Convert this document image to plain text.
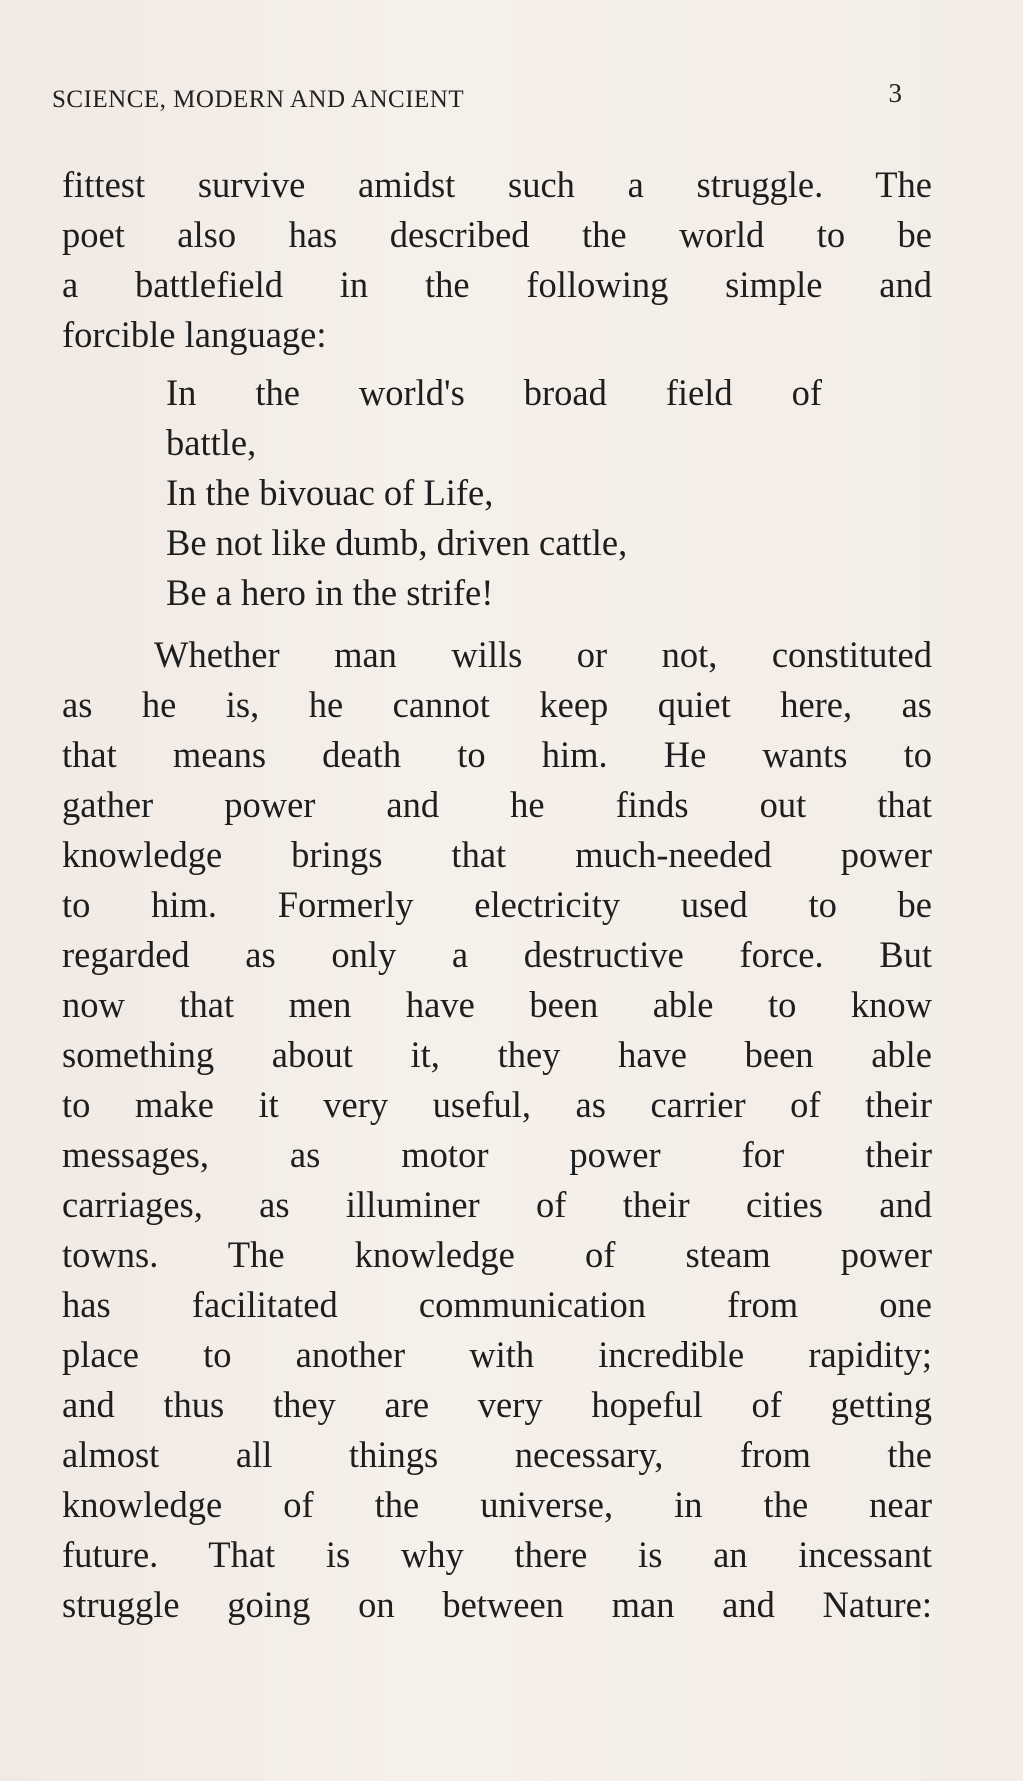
SCIENCE, MODERN AND ANCIENT	3
fittest survive amidst such a struggle. The
poet also has described the world to be
a battlefield in the following simple and
forcible language:
In the world's broad field of
battle,
In the bivouac of Life,
Be not like dumb, driven cattle,
Be a hero in the strife!
Whether man wills or not, constituted
as he is, he cannot keep quiet here, as
that means death to him. He wants to
gather power and he finds out that
knowledge brings that much-needed power
to him. Formerly electricity used to be
regarded as only a destructive force. But
now that men have been able to know
something about it, they have been able
to make it very useful, as carrier of their
messages, as motor power for their
carriages, as illuminer of their cities and
towns. The knowledge of steam power
has facilitated communication from one
place to another with incredible rapidity;
and thus they are very hopeful of getting
almost all things necessary, from the
knowledge of the universe, in the near
future. That is why there is an incessant
struggle going on between man and Nature:
